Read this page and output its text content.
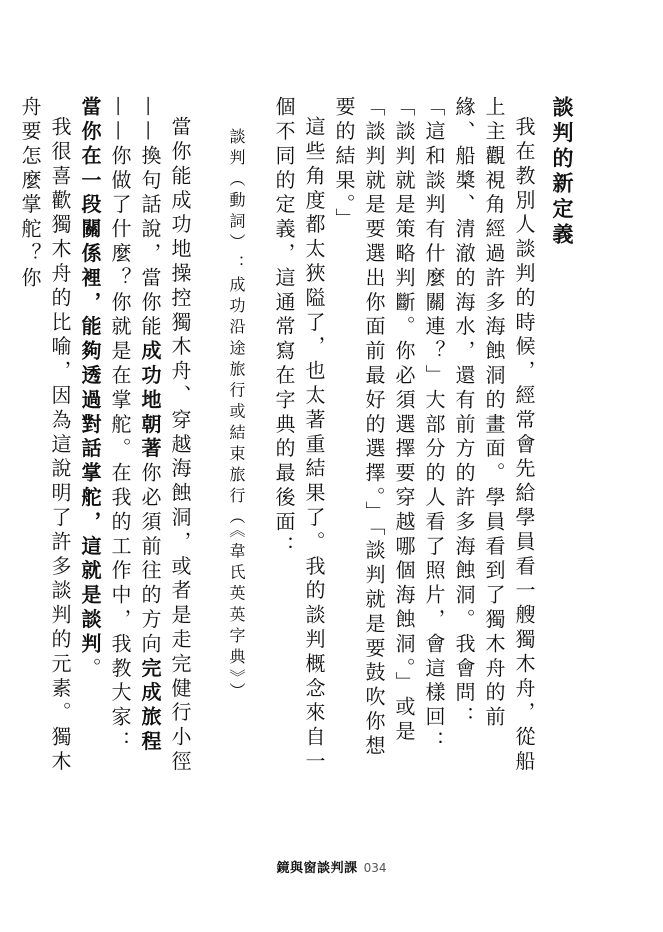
談判的新定義

我在教別人談判的時候，經常會先給學員看一艘獨木舟，從船上主觀視角經過許多海蝕洞的畫面。學員看到了獨木舟的前緣、船槳、清澈的海水，還有前方的許多海蝕洞。我會問：「這和談判有什麼關連？」大部分的人看了照片，會這樣回：「談判就是策略判斷。你必須選擇要穿越哪個海蝕洞。」或是「談判就是要選出你面前最好的選擇。」「談判就是要鼓吹你想要的結果。」

這些角度都太狹隘了，也太著重結果了。我的談判概念來自一個不同的定義，這通常寫在字典的最後面：

談判（動詞）：成功沿途旅行或結束旅行（《韋氏英英字典》）

當你能成功地操控獨木舟、穿越海蝕洞，或者是走完健行小徑——換句話說，當你能成功地朝著你必須前往的方向完成旅程——你做了什麼？你就是在掌舵。在我的工作中，我教大家：當你在一段關係裡，能夠透過對話掌舵，這就是談判。

我很喜歡獨木舟的比喻，因為這說明了許多談判的元素。獨木舟要怎麼掌舵？你

鏡與窗談判課 034
